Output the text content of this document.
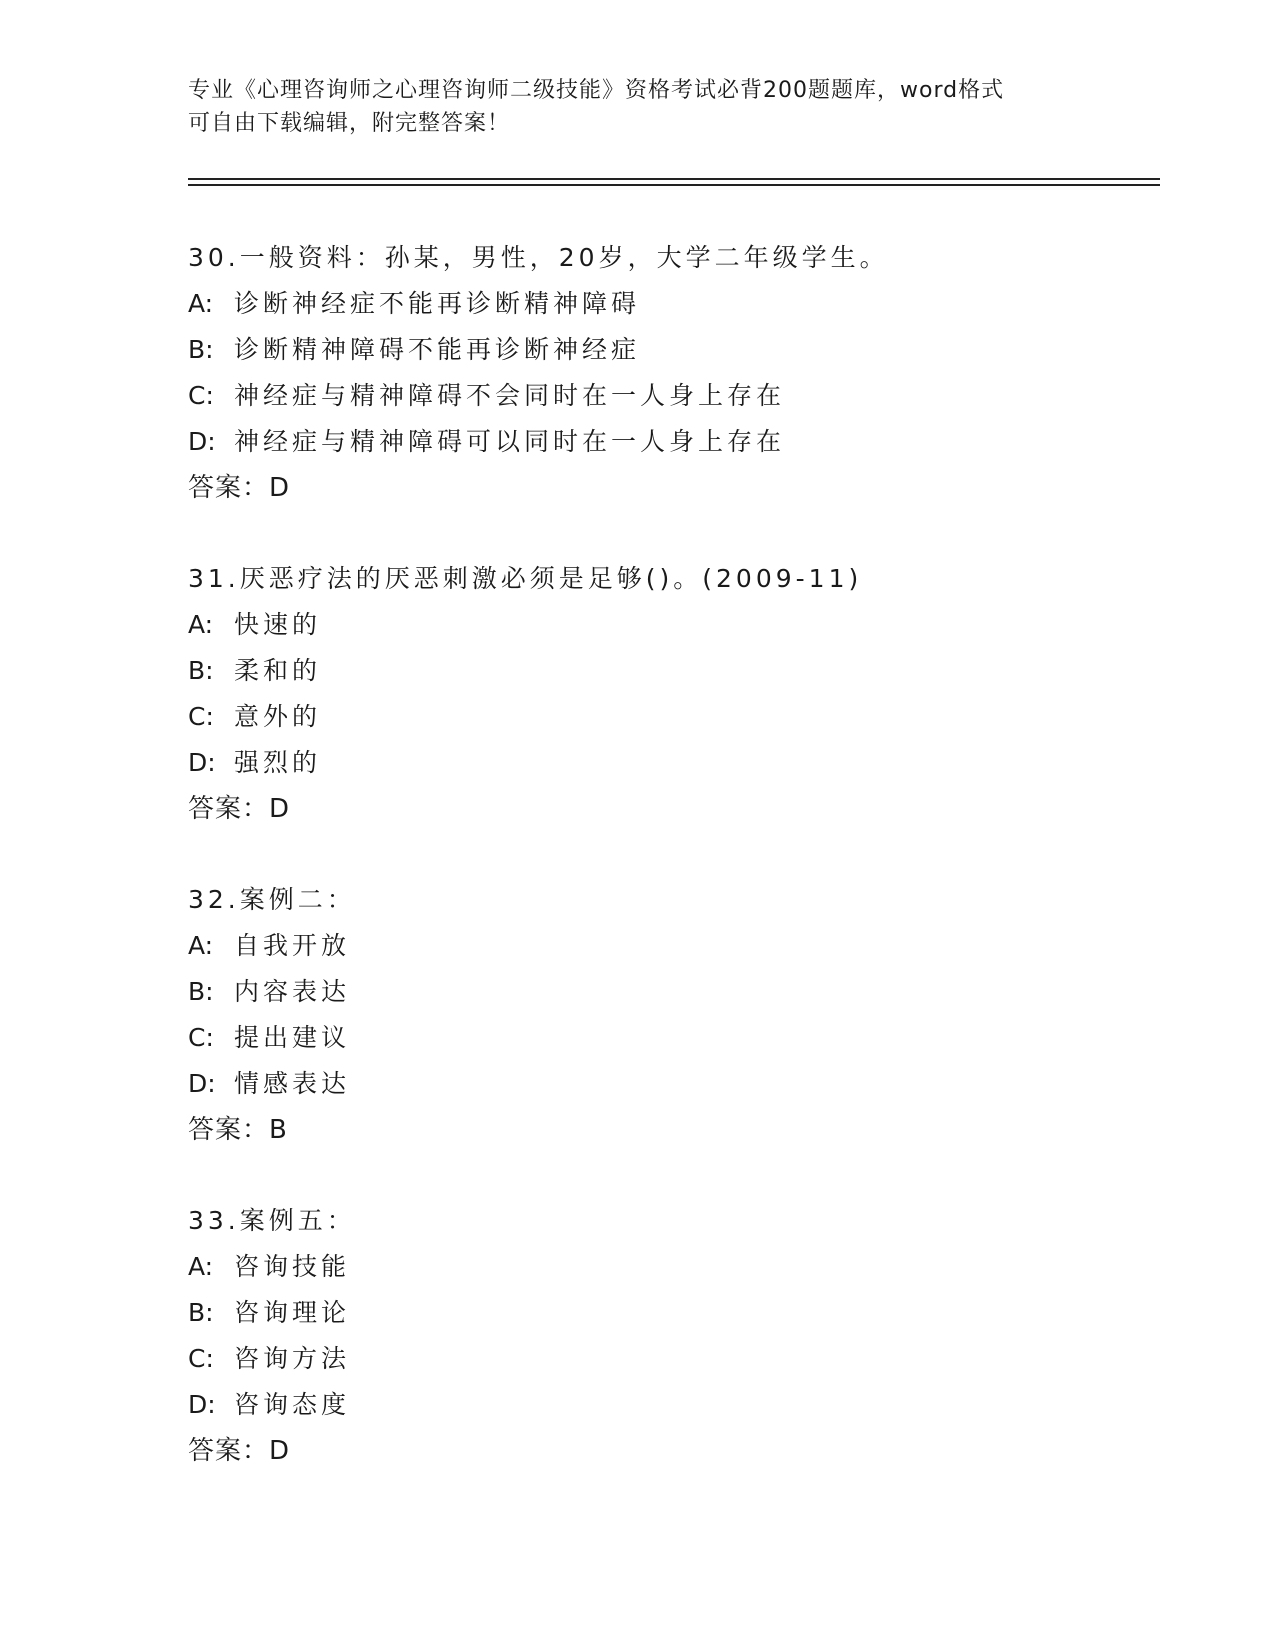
专业《心理咨询师之心理咨询师二级技能》资格考试必背200题题库，word格式
可自由下载编辑，附完整答案！
30.一般资料：孙某，男性，20岁，大学二年级学生。
A: 诊断神经症不能再诊断精神障碍
B: 诊断精神障碍不能再诊断神经症
C: 神经症与精神障碍不会同时在一人身上存在
D: 神经症与精神障碍可以同时在一人身上存在
答案：D
31.厌恶疗法的厌恶刺激必须是足够()。(2009-11)
A: 快速的
B: 柔和的
C: 意外的
D: 强烈的
答案：D
32.案例二：
A: 自我开放
B: 内容表达
C: 提出建议
D: 情感表达
答案：B
33.案例五：
A: 咨询技能
B: 咨询理论
C: 咨询方法
D: 咨询态度
答案：D
